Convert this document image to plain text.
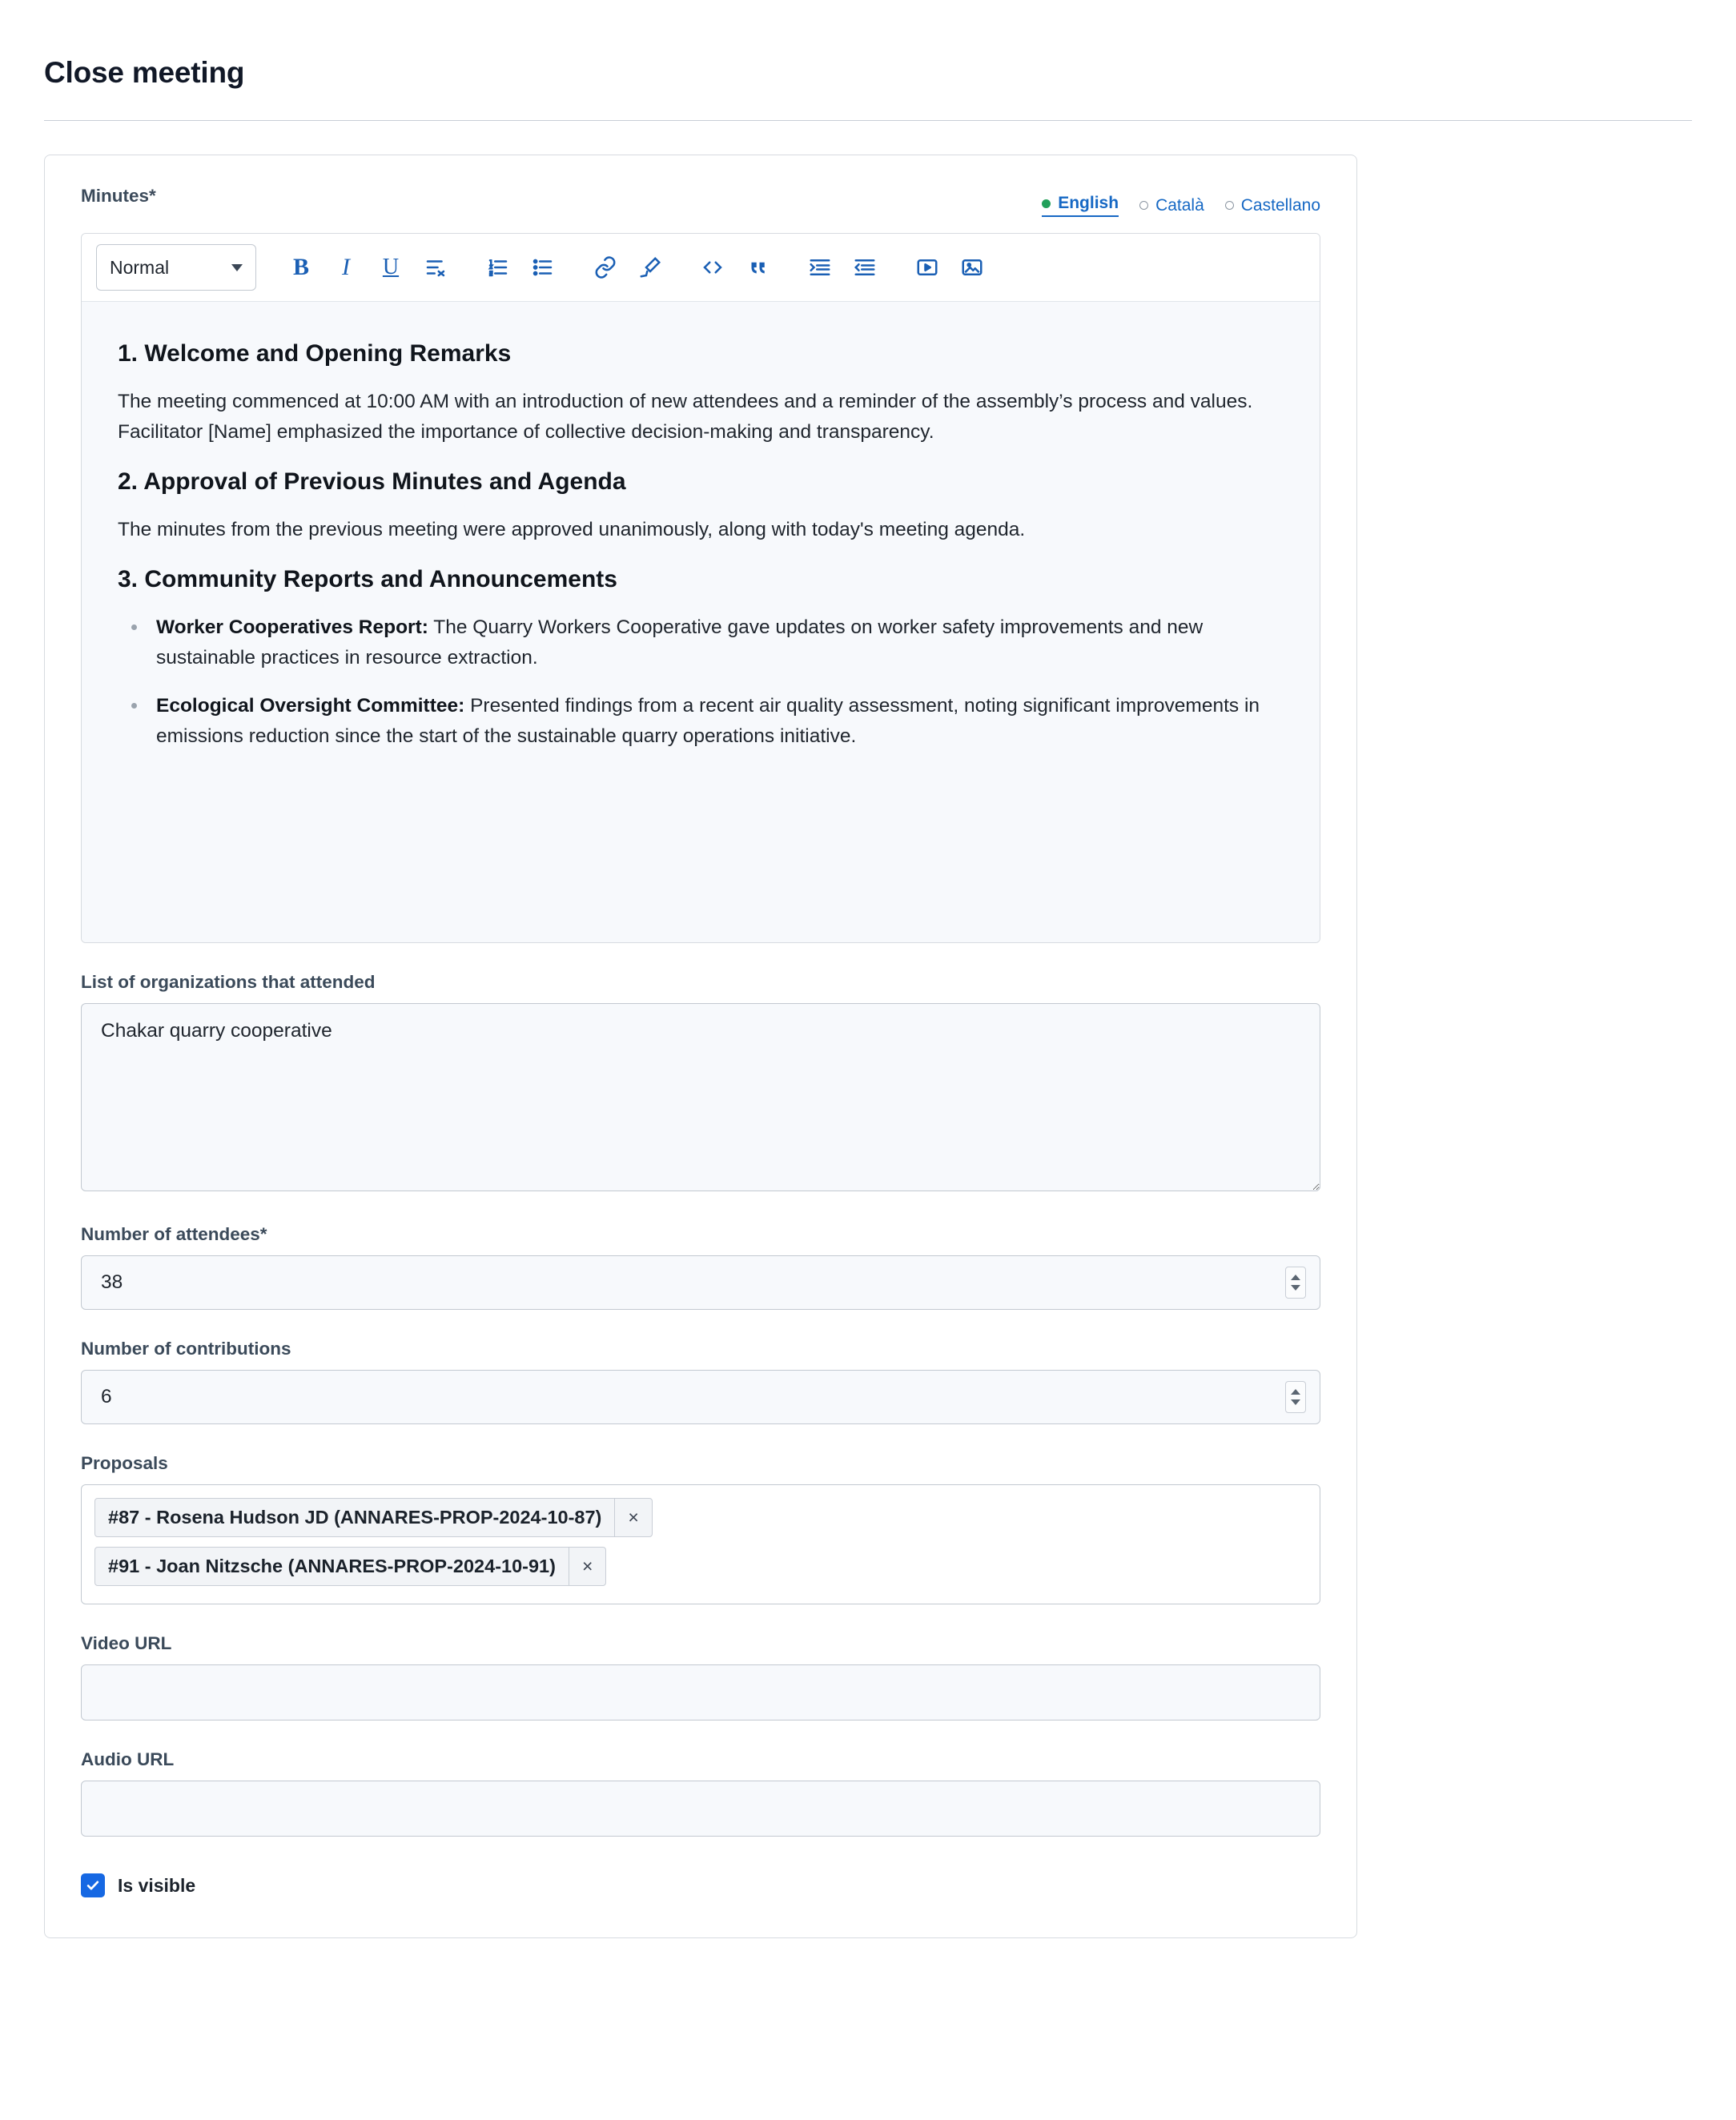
Close meeting
Minutes*	English Català Castellano
Normal	B I U
1. Welcome and Opening Remarks

The meeting commenced at 10:00 AM with an introduction of new attendees and a reminder of the assembly’s process and values. Facilitator [Name] emphasized the importance of collective decision-making and transparency.

2. Approval of Previous Minutes and Agenda

The minutes from the previous meeting were approved unanimously, along with today's meeting agenda.

3. Community Reports and Announcements
• Worker Cooperatives Report: The Quarry Workers Cooperative gave updates on worker safety improvements and new sustainable practices in resource extraction.
• Ecological Oversight Committee: Presented findings from a recent air quality assessment, noting significant improvements in emissions reduction since the start of the sustainable quarry operations initiative.
List of organizations that attended
Chakar quarry cooperative
Number of attendees*
38
Number of contributions
6
Proposals
#87 - Rosena Hudson JD (ANNARES-PROP-2024-10-87)	×
#91 - Joan Nitzsche (ANNARES-PROP-2024-10-91)	×
Video URL
Audio URL
Is visible
